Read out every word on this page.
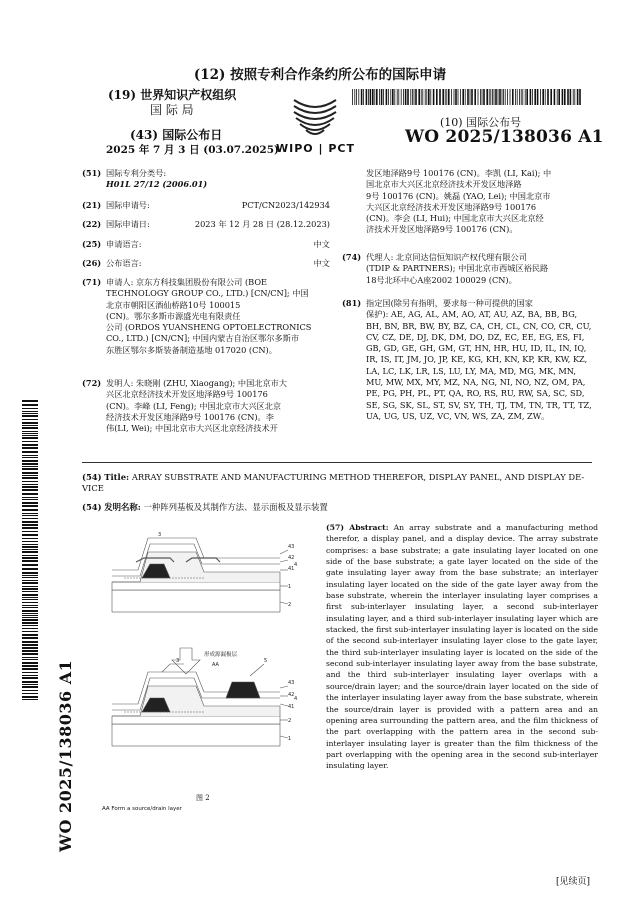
(12) 按照专利合作条约所公布的国际申请
(19) 世界知识产权组织
国 际 局
(43) 国际公布日
2025 年 7 月 3 日 (03.07.2025)
(10) 国际公布号
WO 2025/138036 A1
WIPO | PCT
WO 2025/138036 A1
(51) 国际专利分类号:
H01L 27/12 (2006.01)
(21) 国际申请号:	PCT/CN2023/142934
(22) 国际申请日:	2023 年 12 月 28 日 (28.12.2023)
(25) 申请语言:	中文
(26) 公布语言:	中文
(71) 申请人: 京东方科技集团股份有限公司 (BOE
TECHNOLOGY GROUP CO., LTD.) [CN/CN]; 中国
北京市朝阳区酒仙桥路10号 100015
(CN)。鄂尔多斯市源盛光电有限责任
公司 (ORDOS YUANSHENG OPTOELECTRONICS
CO., LTD.) [CN/CN]; 中国内蒙古自治区鄂尔多斯市
东胜区鄂尔多斯装备制造基地 017020 (CN)。
(72) 发明人: 朱晓刚 (ZHU, Xiaogang); 中国北京市大
兴区北京经济技术开发区地泽路9号 100176
(CN)。李峰 (LI, Feng); 中国北京市大兴区北京
经济技术开发区地泽路9号 100176 (CN)。李
伟(LI, Wei); 中国北京市大兴区北京经济技术开
发区地泽路9号 100176 (CN)。李凯 (LI, Kai); 中
国北京市大兴区北京经济技术开发区地泽路
9号 100176 (CN)。姚磊 (YAO, Lei); 中国北京市
大兴区北京经济技术开发区地泽路9号 100176
(CN)。李会 (LI, Hui); 中国北京市大兴区北京经
济技术开发区地泽路9号 100176 (CN)。
(74) 代理人: 北京同达信恒知识产权代理有限公司
(TDIP & PARTNERS); 中国北京市西城区裕民路
18号北环中心A座2002 100029 (CN)。
(81) 指定国(除另有指明，要求每一种可提供的国家
保护): AE, AG, AL, AM, AO, AT, AU, AZ, BA, BB, BG,
BH, BN, BR, BW, BY, BZ, CA, CH, CL, CN, CO, CR, CU,
CV, CZ, DE, DJ, DK, DM, DO, DZ, EC, EE, EG, ES, FI,
GB, GD, GE, GH, GM, GT, HN, HR, HU, ID, IL, IN, IQ,
IR, IS, IT, JM, JO, JP, KE, KG, KH, KN, KP, KR, KW, KZ,
LA, LC, LK, LR, LS, LU, LY, MA, MD, MG, MK, MN,
MU, MW, MX, MY, MZ, NA, NG, NI, NO, NZ, OM, PA,
PE, PG, PH, PL, PT, QA, RO, RS, RU, RW, SA, SC, SD,
SE, SG, SK, SL, ST, SV, SY, TH, TJ, TM, TN, TR, TT, TZ,
UA, UG, US, UZ, VC, VN, WS, ZA, ZM, ZW。
(54) Title: ARRAY SUBSTRATE AND MANUFACTURING METHOD THEREFOR, DISPLAY PANEL, AND DISPLAY DE-VICE
(54) 发明名称: 一种阵列基板及其制作方法、显示面板及显示装置
43
42
41
4
1
2
3
形成源漏极层
AA
3	5
43
42
41
4
2
1
图 2
AA Form a source/drain layer
(57) Abstract: An array substrate and a manufacturing method therefor, a display panel, and a display device. The array substrate comprises: a base substrate; a gate insulating layer located on one side of the base substrate; a gate layer located on the side of the gate insulating layer away from the base substrate; an interlayer insulating layer located on the side of the gate layer away from the base substrate, wherein the interlayer insulating layer comprises a first sub-interlayer insulating layer, a second sub-interlayer insulating layer, and a third sub-interlayer insulating layer which are stacked, the first sub-interlayer insulating layer is located on the side of the second sub-interlayer insulating layer close to the gate layer, the third sub-interlayer insulating layer is located on the side of the second sub-interlayer insulating layer away from the base substrate, and the third sub-interlayer insulating layer overlaps with a source/drain layer; and the source/drain layer located on the side of the interlayer insulating layer away from the base substrate, wherein the source/drain layer is provided with a pattern area and an opening area surrounding the pattern area, and the film thickness of the part overlapping with the pattern area in the second sub-interlayer insulating layer is greater than the film thickness of the part overlapping with the opening area in the second sub-interlayer insulating layer.
[见续页]
